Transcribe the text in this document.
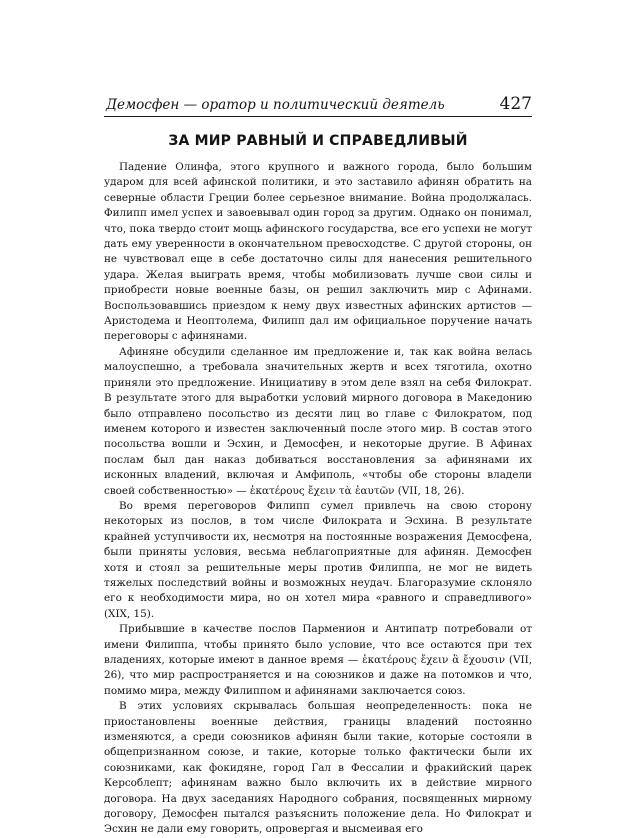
Демосфен — оратор и политический деятель	427
ЗА МИР РАВНЫЙ И СПРАВЕДЛИВЫЙ

Падение Олинфа, этого крупного и важного города, было большим ударом для всей афинской политики, и это заставило афинян обратить на северные области Греции более серьезное внимание. Война продолжалась. Филипп имел успех и завоевывал один город за другим. Однако он понимал, что, пока твердо стоит мощь афинского государства, все его успехи не могут дать ему уверенности в окончательном превосходстве. С другой стороны, он не чувствовал еще в себе достаточно силы для нанесения решительного удара. Желая выиграть время, чтобы мобилизовать лучше свои силы и приобрести новые военные базы, он решил заключить мир с Афинами. Воспользовавшись приездом к нему двух известных афинских артистов — Аристодема и Неоптолема, Филипп дал им официальное поручение начать переговоры с афинянами.

Афиняне обсудили сделанное им предложение и, так как война велась малоуспешно, а требовала значительных жертв и всех тяготила, охотно приняли это предложение. Инициативу в этом деле взял на себя Филократ. В результате этого для выработки условий мирного договора в Македонию было отправлено посольство из десяти лиц во главе с Филократом, под именем которого и известен заключенный после этого мир. В состав этого посольства вошли и Эсхин, и Демосфен, и некоторые другие. В Афинах послам был дан наказ добиваться восстановления за афинянами их исконных владений, включая и Амфиполь, «чтобы обе стороны владели своей собственностью» — ἑκατέρους ἔχειν τὰ ἑαυτῶν (VII, 18, 26).

Во время переговоров Филипп сумел привлечь на свою сторону некоторых из послов, в том числе Филократа и Эсхина. В результате крайней уступчивости их, несмотря на постоянные возражения Демосфена, были приняты условия, весьма неблагоприятные для афинян. Демосфен хотя и стоял за решительные меры против Филиппа, не мог не видеть тяжелых последствий войны и возможных неудач. Благоразумие склоняло его к необходимости мира, но он хотел мира «равного и справедливого» (XIX, 15).

Прибывшие в качестве послов Парменион и Антипатр потребовали от имени Филиппа, чтобы принято было условие, что все остаются при тех владениях, которые имеют в данное время — ἑκατέρους ἔχειν ἃ ἔχουσιν (VII, 26), что мир распространяется и на союзников и даже на потомков и что, помимо мира, между Филиппом и афинянами заключается союз.

В этих условиях скрывалась большая неопределенность: пока не приостановлены военные действия, границы владений постоянно изменяются, а среди союзников афинян были такие, которые состояли в общепризнанном союзе, и такие, которые только фактически были их союзниками, как фокидяне, город Гал в Фессалии и фракийский царек Керсоблепт; афинянам важно было включить их в действие мирного договора. На двух заседаниях Народного собрания, посвященных мирному договору, Демосфен пытался разъяснить положение дела. Но Филократ и Эсхин не дали ему говорить, опровергая и высмеивая его
